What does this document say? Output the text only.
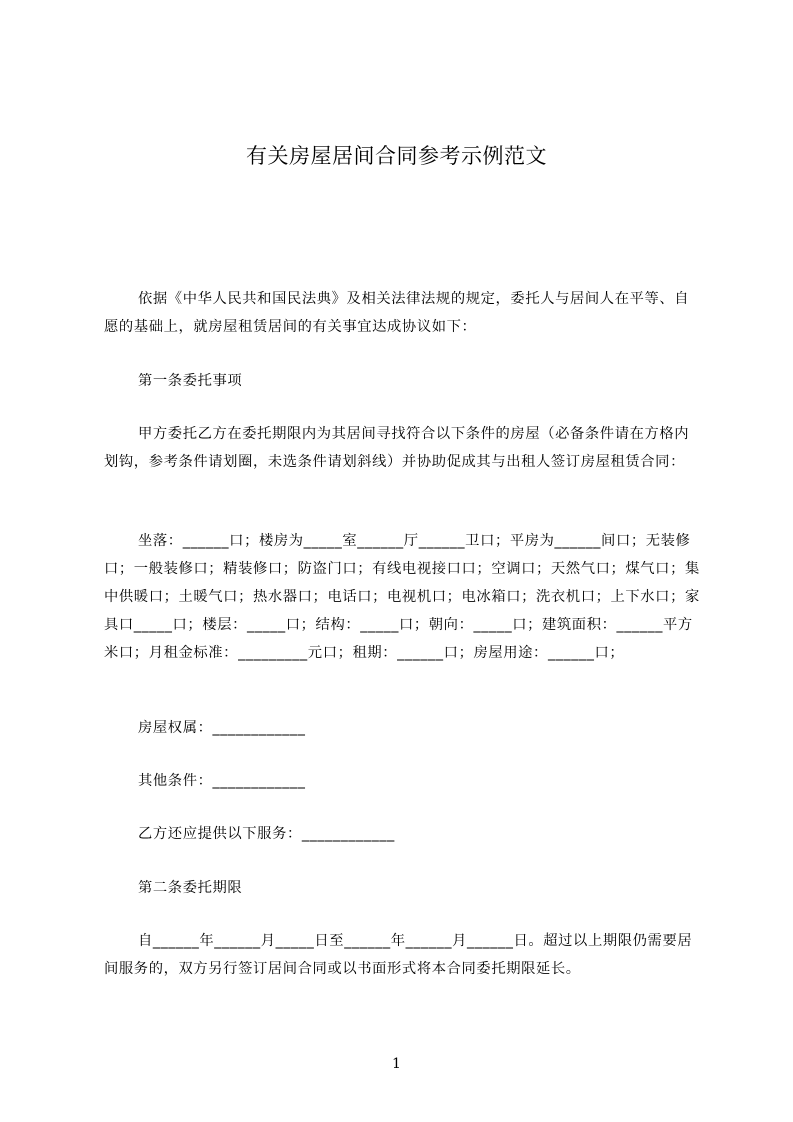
有关房屋居间合同参考示例范文
依据《中华人民共和国民法典》及相关法律法规的规定，委托人与居间人在平等、自愿的基础上，就房屋租赁居间的有关事宜达成协议如下：
第一条委托事项
甲方委托乙方在委托期限内为其居间寻找符合以下条件的房屋（必备条件请在方格内划钩，参考条件请划圈，未选条件请划斜线）并协助促成其与出租人签订房屋租赁合同：
坐落：______口；楼房为_____室______厅______卫口；平房为______间口；无装修口；一般装修口；精装修口；防盗门口；有线电视接口口；空调口；天然气口；煤气口；集中供暖口；土暖气口；热水器口；电话口；电视机口；电冰箱口；洗衣机口；上下水口；家具口_____口；楼层：_____口；结构：_____口；朝向：_____口；建筑面积：______平方米口；月租金标准：_________元口；租期：______口；房屋用途：______口；
房屋权属：____________
其他条件：____________
乙方还应提供以下服务：____________
第二条委托期限
自______年______月_____日至______年______月______日。超过以上期限仍需要居间服务的，双方另行签订居间合同或以书面形式将本合同委托期限延长。
1
